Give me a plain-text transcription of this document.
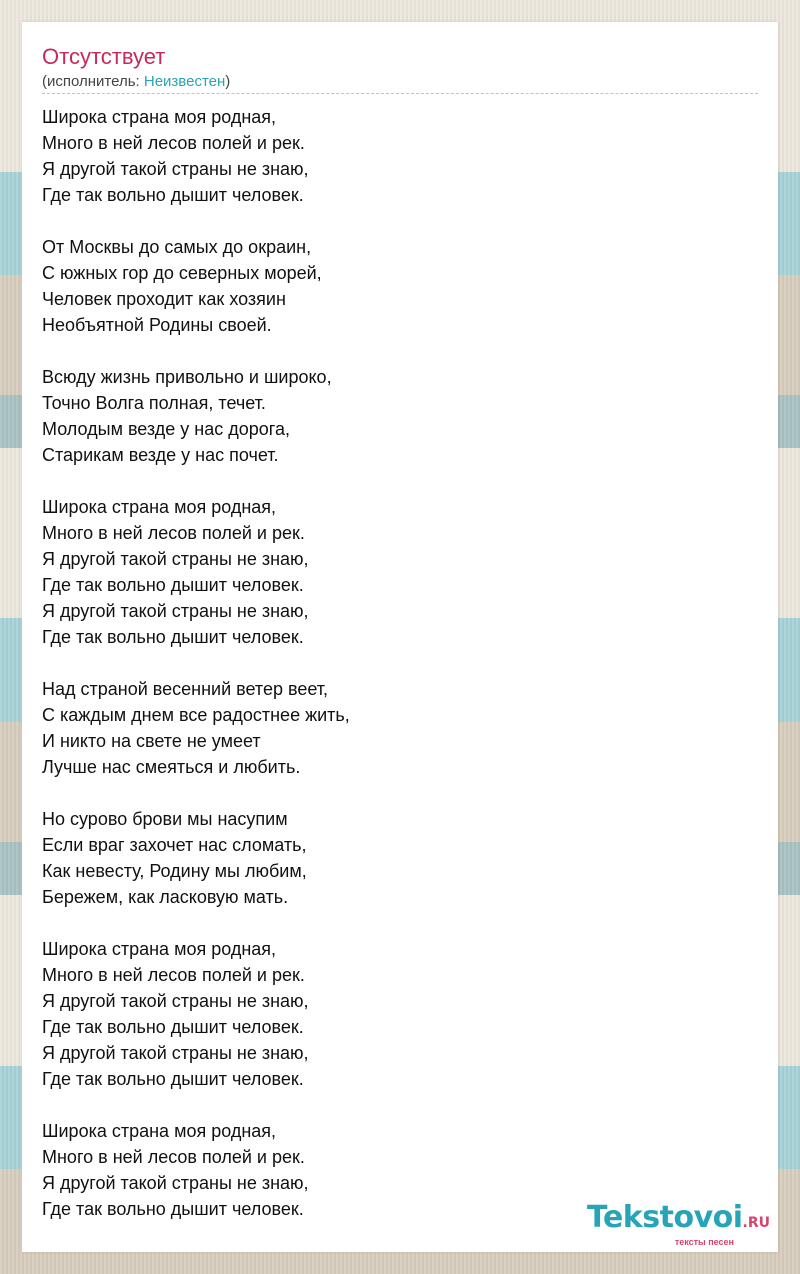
Отсутствует
(исполнитель: Неизвестен)
Широка страна моя родная,
Много в ней лесов полей и рек.
Я другой такой страны не знаю,
Где так вольно дышит человек.
От Москвы до самых до окраин,
С южных гор до северных морей,
Человек проходит как хозяин
Необъятной Родины своей.
Всюду жизнь привольно и широко,
Точно Волга полная, течет.
Молодым везде у нас дорога,
Старикам везде у нас почет.
Широка страна моя родная,
Много в ней лесов полей и рек.
Я другой такой страны не знаю,
Где так вольно дышит человек.
Я другой такой страны не знаю,
Где так вольно дышит человек.
Над страной весенний ветер веет,
С каждым днем все радостнее жить,
И никто на свете не умеет
Лучше нас смеяться и любить.
Но сурово брови мы насупим
Если враг захочет нас сломать,
Как невесту, Родину мы любим,
Бережем, как ласковую мать.
Широка страна моя родная,
Много в ней лесов полей и рек.
Я другой такой страны не знаю,
Где так вольно дышит человек.
Я другой такой страны не знаю,
Где так вольно дышит человек.
Широка страна моя родная,
Много в ней лесов полей и рек.
Я другой такой страны не знаю,
Где так вольно дышит человек.	Tekstovoi.RU
тексты песен
